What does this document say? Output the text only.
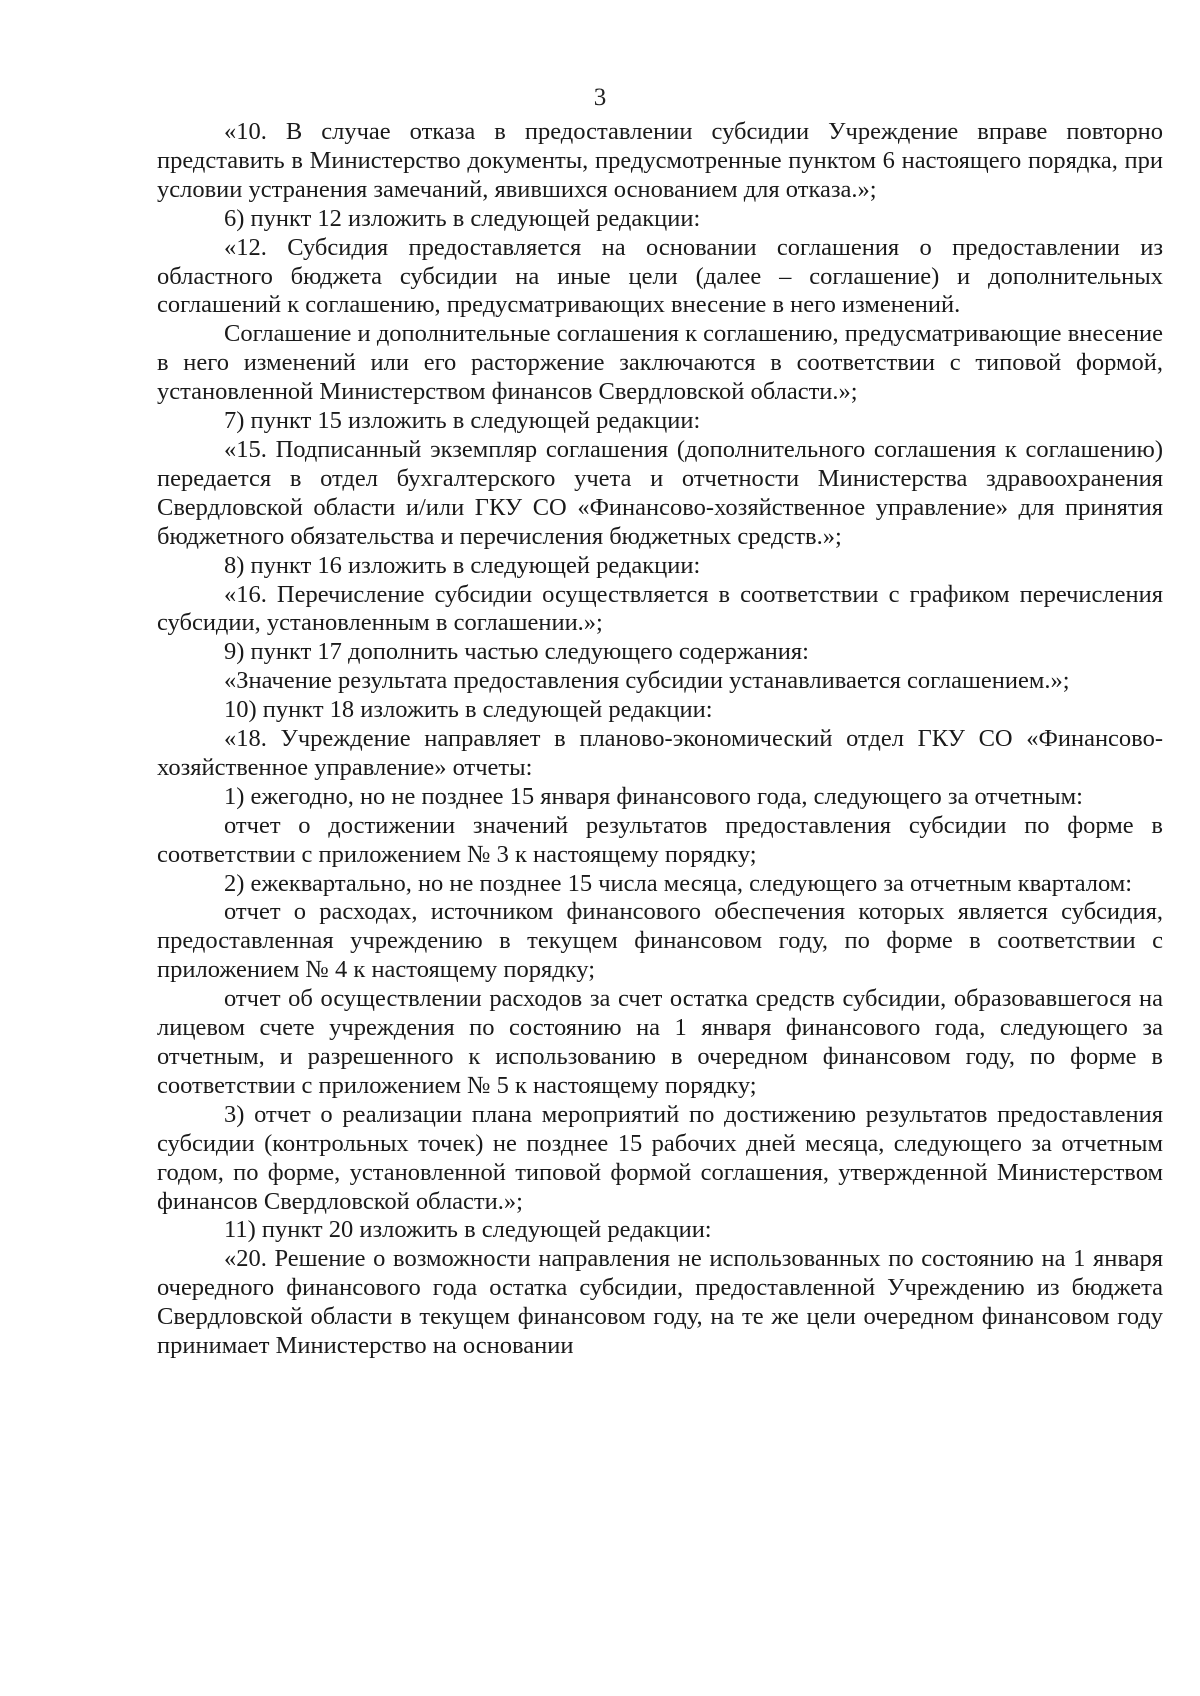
3

«10. В случае отказа в предоставлении субсидии Учреждение вправе повторно представить в Министерство документы, предусмотренные пунктом 6 настоящего порядка, при условии устранения замечаний, явившихся основанием для отказа.»;

6) пункт 12 изложить в следующей редакции:

«12. Субсидия предоставляется на основании соглашения о предоставлении из областного бюджета субсидии на иные цели (далее – соглашение) и дополнительных соглашений к соглашению, предусматривающих внесение в него изменений.

Соглашение и дополнительные соглашения к соглашению, предусматривающие внесение в него изменений или его расторжение заключаются в соответствии с типовой формой, установленной Министерством финансов Свердловской области.»;

7) пункт 15 изложить в следующей редакции:

«15. Подписанный экземпляр соглашения (дополнительного соглашения к соглашению) передается в отдел бухгалтерского учета и отчетности Министерства здравоохранения Свердловской области и/или ГКУ СО «Финансово-хозяйственное управление» для принятия бюджетного обязательства и перечисления бюджетных средств.»;

8) пункт 16 изложить в следующей редакции:

«16. Перечисление субсидии осуществляется в соответствии с графиком перечисления субсидии, установленным в соглашении.»;

9) пункт 17 дополнить частью следующего содержания:

«Значение результата предоставления субсидии устанавливается соглашением.»;

10) пункт 18 изложить в следующей редакции:

«18. Учреждение направляет в планово-экономический отдел ГКУ СО «Финансово-хозяйственное управление» отчеты:

1) ежегодно, но не позднее 15 января финансового года, следующего за отчетным:

отчет о достижении значений результатов предоставления субсидии по форме в соответствии с приложением № 3 к настоящему порядку;

2) ежеквартально, но не позднее 15 числа месяца, следующего за отчетным кварталом:

отчет о расходах, источником финансового обеспечения которых является субсидия, предоставленная учреждению в текущем финансовом году, по форме в соответствии с приложением № 4 к настоящему порядку;

отчет об осуществлении расходов за счет остатка средств субсидии, образовавшегося на лицевом счете учреждения по состоянию на 1 января финансового года, следующего за отчетным, и разрешенного к использованию в очередном финансовом году, по форме в соответствии с приложением № 5 к настоящему порядку;

3) отчет о реализации плана мероприятий по достижению результатов предоставления субсидии (контрольных точек) не позднее 15 рабочих дней месяца, следующего за отчетным годом, по форме, установленной типовой формой соглашения, утвержденной Министерством финансов Свердловской области.»;

11) пункт 20 изложить в следующей редакции:

«20. Решение о возможности направления не использованных по состоянию на 1 января очередного финансового года остатка субсидии, предоставленной Учреждению из бюджета Свердловской области в текущем финансовом году, на те же цели очередном финансовом году принимает Министерство на основании
